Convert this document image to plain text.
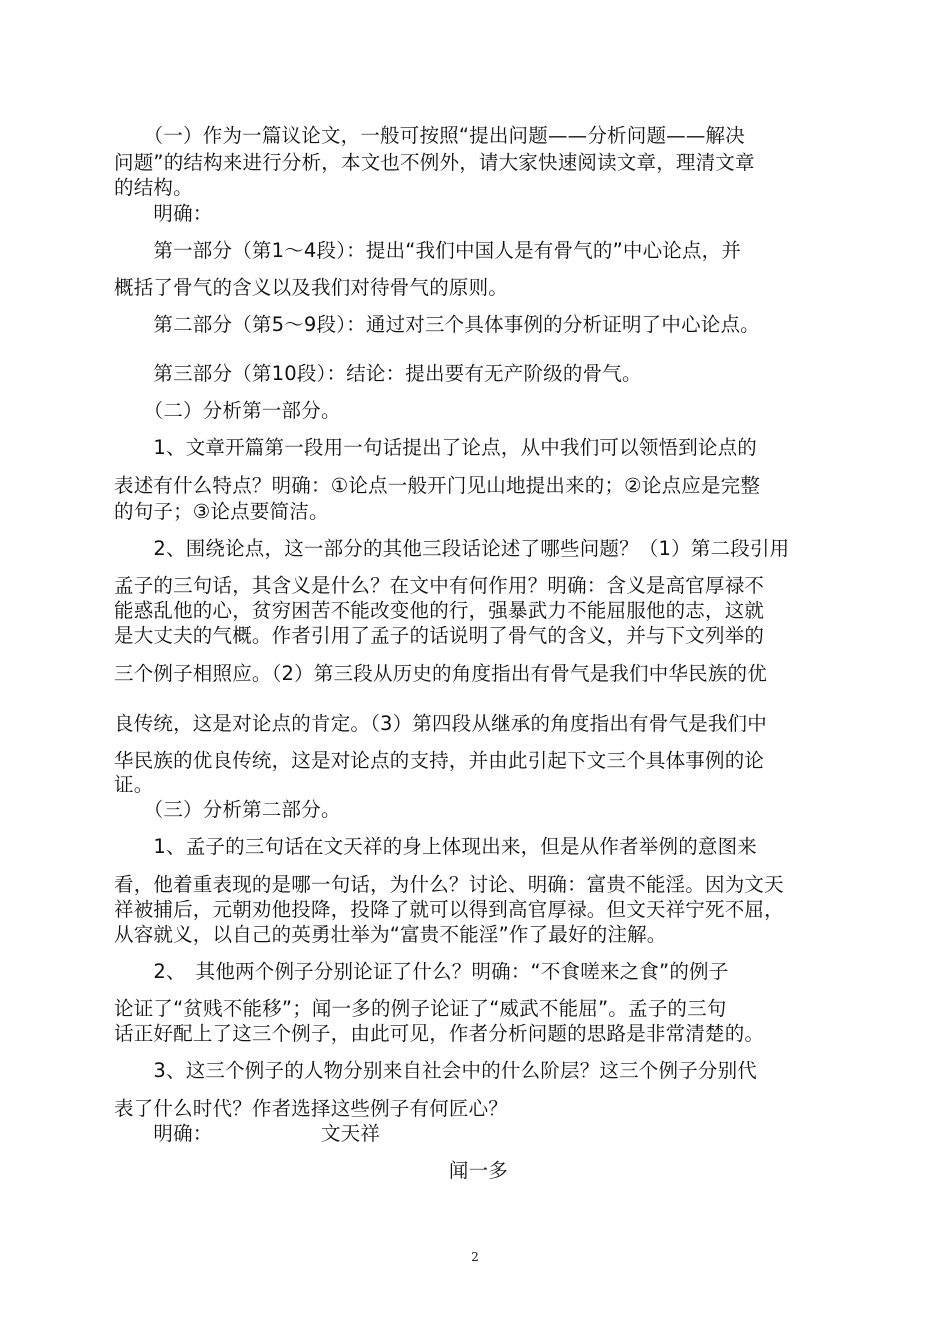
　　（一）作为一篇议论文，一般可按照“提出问题——分析问题——解决
问题”的结构来进行分析，本文也不例外，请大家快速阅读文章，理清文章
的结构。
　　明确：
　　第一部分（第1～4段）：提出“我们中国人是有骨气的”中心论点，并
概括了骨气的含义以及我们对待骨气的原则。
　　第二部分（第5～9段）：通过对三个具体事例的分析证明了中心论点。
　　第三部分（第10段）：结论：提出要有无产阶级的骨气。
　　（二）分析第一部分。
　　1、文章开篇第一段用一句话提出了论点，从中我们可以领悟到论点的
表述有什么特点？明确：①论点一般开门见山地提出来的；②论点应是完整
的句子；③论点要简洁。
　　2、围绕论点，这一部分的其他三段话论述了哪些问题？（1）第二段引用
孟子的三句话，其含义是什么？在文中有何作用？明确：含义是高官厚禄不
能惑乱他的心，贫穷困苦不能改变他的行，强暴武力不能屈服他的志，这就
是大丈夫的气概。作者引用了孟子的话说明了骨气的含义，并与下文列举的
三个例子相照应。（2）第三段从历史的角度指出有骨气是我们中华民族的优
良传统，这是对论点的肯定。（3）第四段从继承的角度指出有骨气是我们中
华民族的优良传统，这是对论点的支持，并由此引起下文三个具体事例的论
证。
　　（三）分析第二部分。
　　1、孟子的三句话在文天祥的身上体现出来，但是从作者举例的意图来
看，他着重表现的是哪一句话，为什么？讨论、明确：富贵不能淫。因为文天
祥被捕后，元朝劝他投降，投降了就可以得到高官厚禄。但文天祥宁死不屈，
从容就义，以自己的英勇壮举为“富贵不能淫”作了最好的注解。
　　2、　其他两个例子分别论证了什么？明确：“不食嗟来之食”的例子
论证了“贫贱不能移”；闻一多的例子论证了“威武不能屈”。孟子的三句
话正好配上了这三个例子，由此可见，作者分析问题的思路是非常清楚的。
　　3、这三个例子的人物分别来自社会中的什么阶层？这三个例子分别代
表了什么时代？作者选择这些例子有何匠心？
　　明确：　　　　　　文天祥
　　　　　　　　　　　　　　　　　闻一多
2
